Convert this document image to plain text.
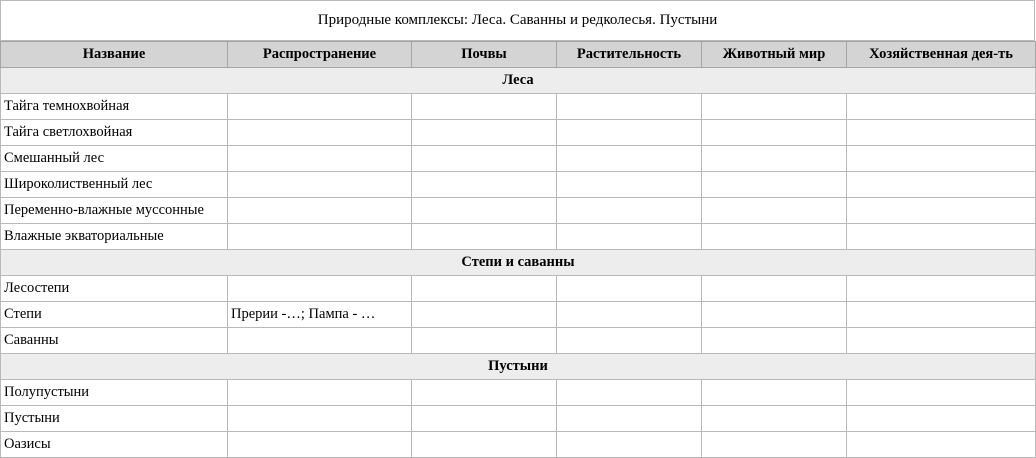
Природные комплексы: Леса. Саванны и редколесья. Пустыни
Название	Распространение	Почвы	Растительность	Животный мир	Хозяйственная дея-ть
Леса					
Тайга темнохвойная					
Тайга светлохвойная					
Смешанный лес					
Широколиственный лес					
Переменно-влажные муссонные					
Влажные экваториальные					
Степи и саванны					
Лесостепи					
Степи	Прерии -…; Пампа - …				
Саванны					
Пустыни					
Полупустыни					
Пустыни					
Оазисы					
